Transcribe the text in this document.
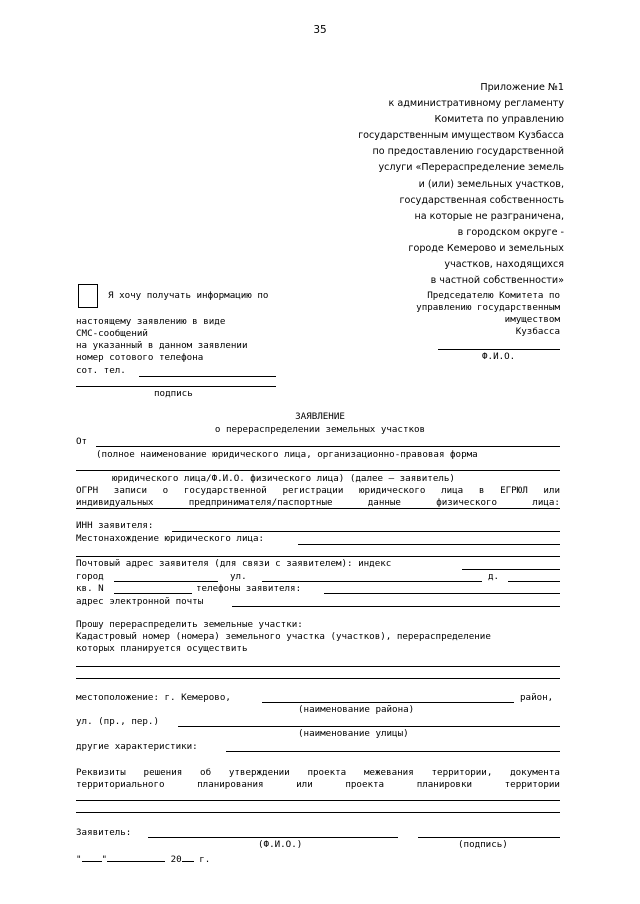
35
Приложение №1
к административному регламенту
Комитета по управлению
государственным имуществом Кузбасса
по предоставлению государственной
услуги «Перераспределение земель
и (или) земельных участков,
государственная собственность
на которые не разграничена,
в городском округе -
городе Кемерово и земельных
участков, находящихся
в частной собственности»
Я хочу получать информацию по
настоящему заявлению в виде
СМС-сообщений
на указанный в данном заявлении
номер сотового телефона
сот. тел.
подпись
Председателю Комитета по
управлению государственным
имуществом
Кузбасса
Ф.И.О.
ЗАЯВЛЕНИЕ
о перераспределении земельных участков
От
(полное наименование юридического лица, организационно-правовая форма
юридического лица/Ф.И.О. физического лица) (далее – заявитель)
ОГРН записи о государственной регистрации юридического лица в ЕГРЮЛ или
индивидуальных	предпринимателя/паспортные	данные	физического	лица:
ИНН заявителя:
Местонахождение юридического лица:
Почтовый адрес заявителя (для связи с заявителем): индекс
город	ул.	д.
кв. N	телефоны заявителя:
адрес электронной почты
Прошу перераспределить земельные участки:
Кадастровый номер (номера) земельного участка (участков), перераспределение
которых планируется осуществить
местоположение: г. Кемерово,	район,
(наименование района)
ул. (пр., пер.)
(наименование улицы)
другие характеристики:
Реквизиты решения об утверждении проекта межевания территории, документа
территориального	планирования	или	проекта	планировки	территории
Заявитель:
(Ф.И.О.)	(подпись)
" "	20 г.
